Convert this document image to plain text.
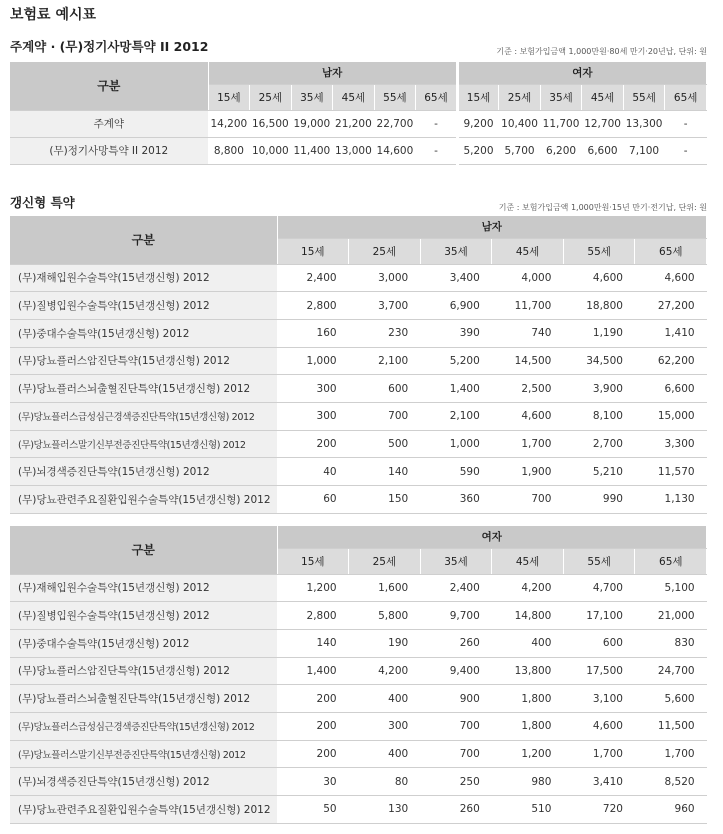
보험료 예시표
주계약 · (무)정기사망특약 II 2012	기준 : 보험가입금액 1,000만원·80세 만기·20년납, 단위: 원
구분	남자						여자					
	15세	25세	35세	45세	55세	65세	15세	25세	35세	45세	55세	65세
주계약	14,200	16,500	19,000	21,200	22,700	-	9,200	10,400	11,700	12,700	13,300	-
(무)정기사망특약 II 2012	8,800	10,000	11,400	13,000	14,600	-	5,200	5,700	6,200	6,600	7,100	-
갱신형 특약	기준 : 보험가입금액 1,000만원·15년 만기·전기납, 단위: 원
구분	남자					
	15세	25세	35세	45세	55세	65세
(무)재해입원수술특약(15년갱신형) 2012	2,400	3,000	3,400	4,000	4,600	4,600
(무)질병입원수술특약(15년갱신형) 2012	2,800	3,700	6,900	11,700	18,800	27,200
(무)중대수술특약(15년갱신형) 2012	160	230	390	740	1,190	1,410
(무)당뇨플러스암진단특약(15년갱신형) 2012	1,000	2,100	5,200	14,500	34,500	62,200
(무)당뇨플러스뇌출혈진단특약(15년갱신형) 2012	300	600	1,400	2,500	3,900	6,600
(무)당뇨플러스급성심근경색증진단특약(15년갱신형) 2012	300	700	2,100	4,600	8,100	15,000
(무)당뇨플러스말기신부전증진단특약(15년갱신형) 2012	200	500	1,000	1,700	2,700	3,300
(무)뇌경색증진단특약(15년갱신형) 2012	40	140	590	1,900	5,210	11,570
(무)당뇨관련주요질환입원수술특약(15년갱신형) 2012	60	150	360	700	990	1,130
구분	여자					
	15세	25세	35세	45세	55세	65세
(무)재해입원수술특약(15년갱신형) 2012	1,200	1,600	2,400	4,200	4,700	5,100
(무)질병입원수술특약(15년갱신형) 2012	2,800	5,800	9,700	14,800	17,100	21,000
(무)중대수술특약(15년갱신형) 2012	140	190	260	400	600	830
(무)당뇨플러스암진단특약(15년갱신형) 2012	1,400	4,200	9,400	13,800	17,500	24,700
(무)당뇨플러스뇌출혈진단특약(15년갱신형) 2012	200	400	900	1,800	3,100	5,600
(무)당뇨플러스급성심근경색증진단특약(15년갱신형) 2012	200	300	700	1,800	4,600	11,500
(무)당뇨플러스말기신부전증진단특약(15년갱신형) 2012	200	400	700	1,200	1,700	1,700
(무)뇌경색증진단특약(15년갱신형) 2012	30	80	250	980	3,410	8,520
(무)당뇨관련주요질환입원수술특약(15년갱신형) 2012	50	130	260	510	720	960
